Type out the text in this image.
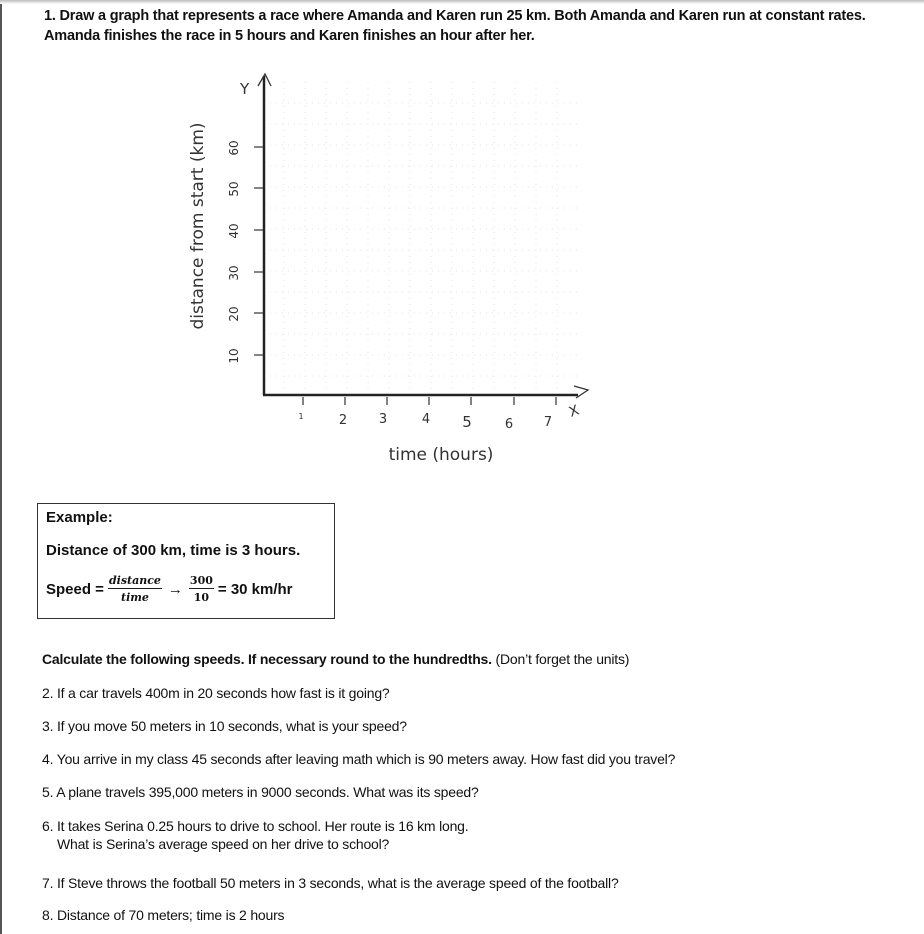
1. Draw a graph that represents a race where Amanda and Karen run 25 km. Both Amanda and Karen run at constant rates. Amanda finishes the race in 5 hours and Karen finishes an hour after her.
10
20
30
40
50
60
1	2 3	4 5	6 7
Y
X
distance from start (km)
time (hours)
Example:
Distance of 300 km, time is 3 hours.
Speed = $\frac{\text{distance}}{\text{time}} \to \frac{300}{10} = 30$ km/hr
Calculate the following speeds. If necessary round to the hundredths. (Don’t forget the units)
2. If a car travels 400m in 20 seconds how fast is it going?
3. If you move 50 meters in 10 seconds, what is your speed?
4. You arrive in my class 45 seconds after leaving math which is 90 meters away. How fast did you travel?
5. A plane travels 395,000 meters in 9000 seconds. What was its speed?
6. It takes Serina 0.25 hours to drive to school. Her route is 16 km long.
What is Serina’s average speed on her drive to school?
7. If Steve throws the football 50 meters in 3 seconds, what is the average speed of the football?
8. Distance of 70 meters; time is 2 hours
